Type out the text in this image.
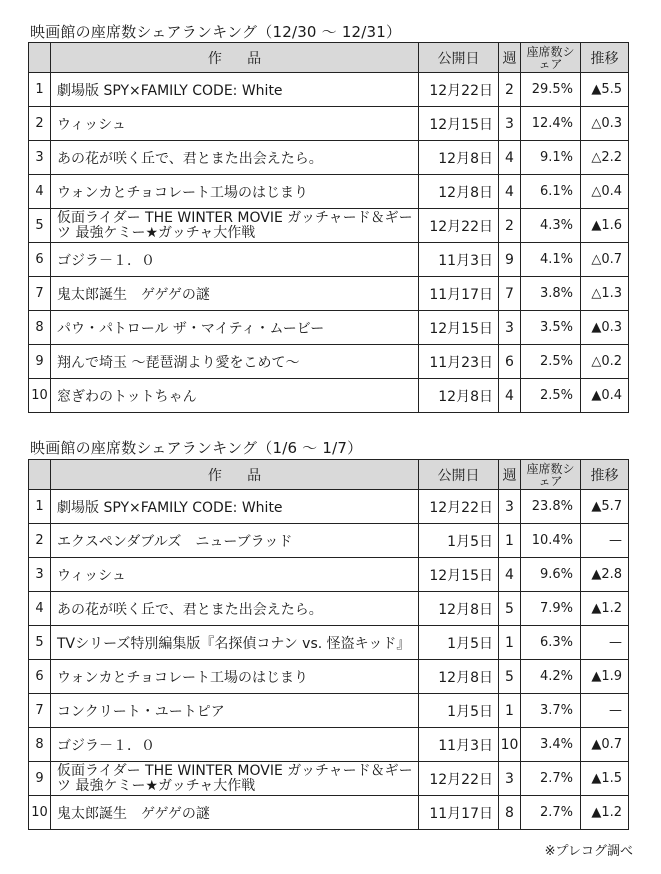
映画館の座席数シェアランキング（12/30 ～ 12/31）
	作品	公開日	週	座席数シェア	推移
1	劇場版 SPY×FAMILY CODE: White	12月22日	2	29.5%	▲5.5
2	ウィッシュ	12月15日	3	12.4%	△0.3
3	あの花が咲く丘で、君とまた出会えたら。	12月8日	4	9.1%	△2.2
4	ウォンカとチョコレート工場のはじまり	12月8日	4	6.1%	△0.4
5	仮面ライダー THE WINTER MOVIE ガッチャード＆ギーツ 最強ケミー★ガッチャ大作戦	12月22日	2	4.3%	▲1.6
6	ゴジラ－１．０	11月3日	9	4.1%	△0.7
7	鬼太郎誕生　ゲゲゲの謎	11月17日	7	3.8%	△1.3
8	パウ・パトロール ザ・マイティ・ムービー	12月15日	3	3.5%	▲0.3
9	翔んで埼玉 ～琵琶湖より愛をこめて～	11月23日	6	2.5%	△0.2
10	窓ぎわのトットちゃん	12月8日	4	2.5%	▲0.4
映画館の座席数シェアランキング（1/6 ～ 1/7）
	作品	公開日	週	座席数シェア	推移
1	劇場版 SPY×FAMILY CODE: White	12月22日	3	23.8%	▲5.7
2	エクスペンダブルズ　ニューブラッド	1月5日	1	10.4%	—
3	ウィッシュ	12月15日	4	9.6%	▲2.8
4	あの花が咲く丘で、君とまた出会えたら。	12月8日	5	7.9%	▲1.2
5	TVシリーズ特別編集版『名探偵コナン vs. 怪盗キッド』	1月5日	1	6.3%	—
6	ウォンカとチョコレート工場のはじまり	12月8日	5	4.2%	▲1.9
7	コンクリート・ユートピア	1月5日	1	3.7%	—
8	ゴジラ－１．０	11月3日	10	3.4%	▲0.7
9	仮面ライダー THE WINTER MOVIE ガッチャード＆ギーツ 最強ケミー★ガッチャ大作戦	12月22日	3	2.7%	▲1.5
10	鬼太郎誕生　ゲゲゲの謎	11月17日	8	2.7%	▲1.2
※プレコグ調べ
